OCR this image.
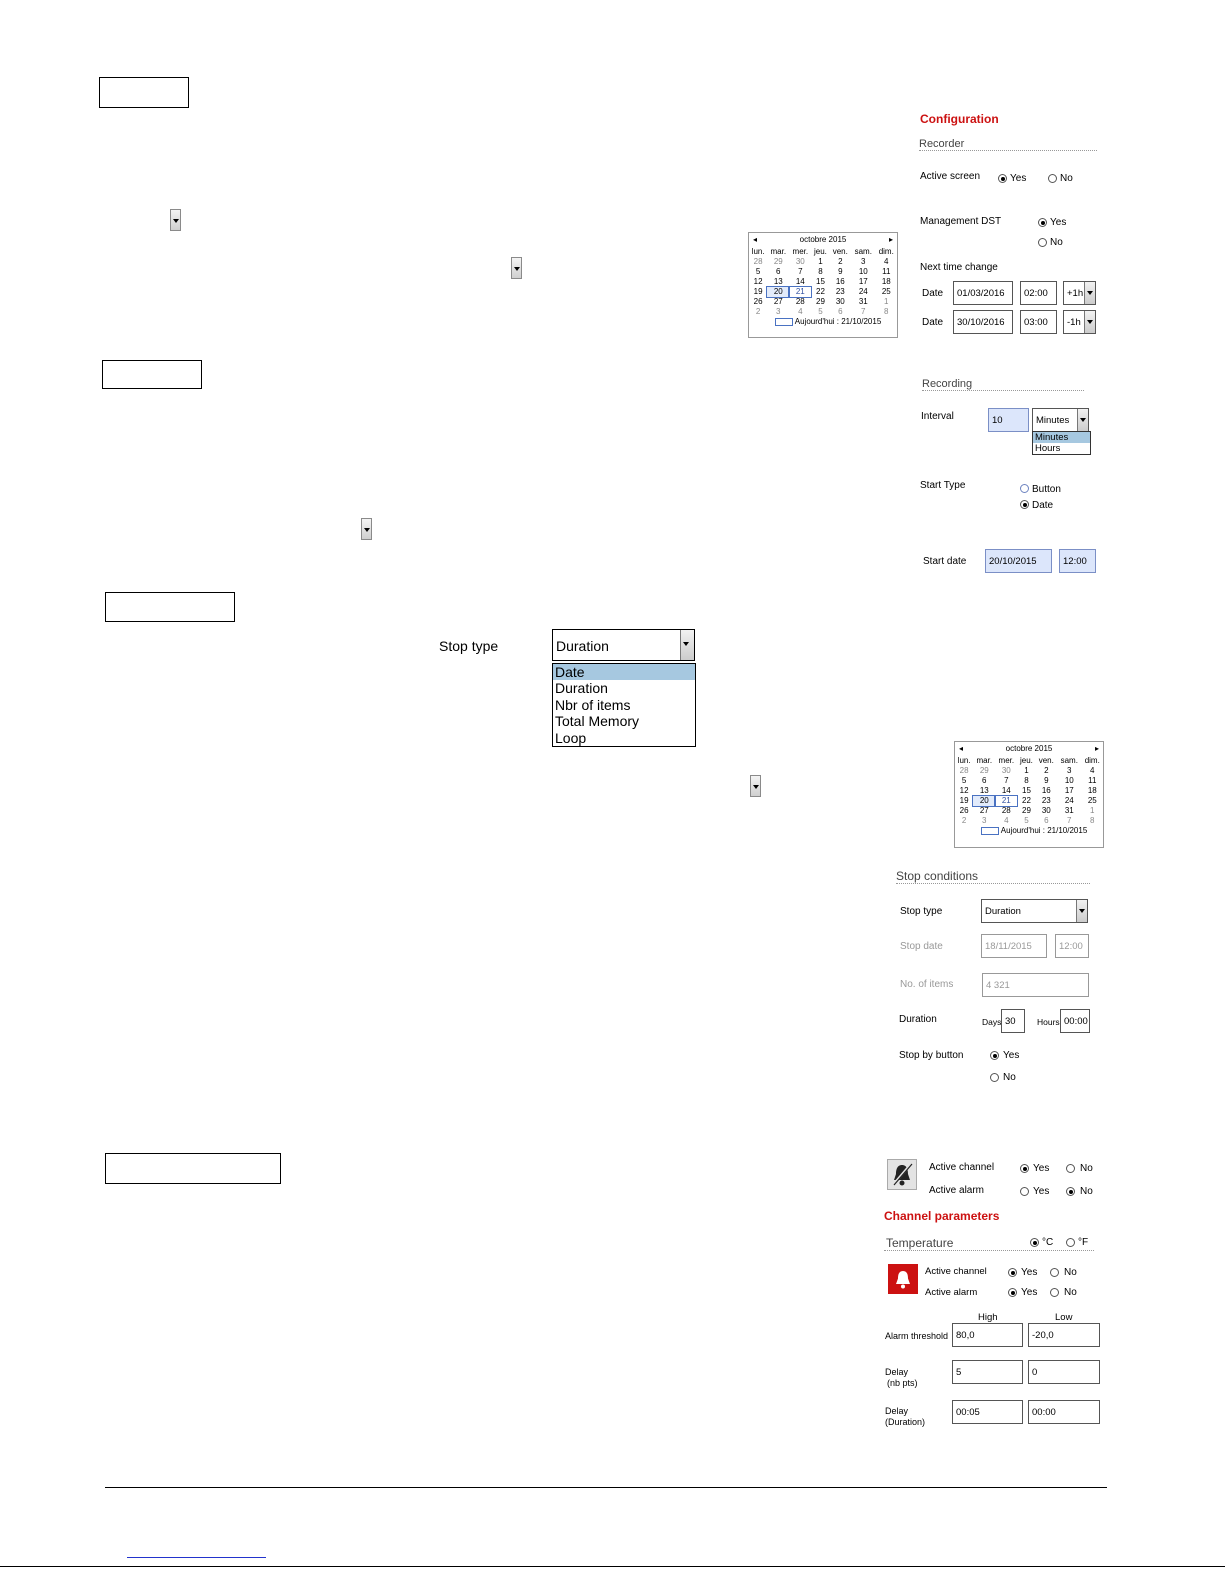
◂	octobre 2015	▸
lun.	mar.	mer.	jeu.	ven.	sam.	dim.
28	29	30	1	2	3	4
5	6	7	8	9	10	11
12	13	14	15	16	17	18
19	20	21	22	23	24	25
26	27	28	29	30	31	1
2	3	4	5	6	7	8
Aujourd'hui : 21/10/2015
Configuration
Recorder
Active screen	Yes	No
Management DST	Yes
No
Next time change
Date	01/03/2016	02:00	+1h
Date	30/10/2016	03:00	-1h
Recording
Interval	10	Minutes
Minutes
Hours
Start Type	Button
Date
Start date	20/10/2015	12:00
Stop type	Duration
Date
Duration
Nbr of items
Total Memory
Loop
◂	octobre 2015	▸
lun.	mar.	mer.	jeu.	ven.	sam.	dim.
28	29	30	1	2	3	4
5	6	7	8	9	10	11
12	13	14	15	16	17	18
19	20	21	22	23	24	25
26	27	28	29	30	31	1
2	3	4	5	6	7	8
Aujourd'hui : 21/10/2015
Stop conditions
Stop type	Duration
Stop date	18/11/2015	12:00
No. of items	4 321
Duration	Days 30	Hours 00:00
Stop by button	Yes
No
Active channel	Yes	No
Active alarm	Yes	No
Channel parameters
Temperature	°C °F
Active channel	Yes	No
Active alarm	Yes	No
High	Low
Alarm threshold 80,0	-20,0
Delay
(nb pts)
5	0
Delay
(Duration)
00:05	00:00
